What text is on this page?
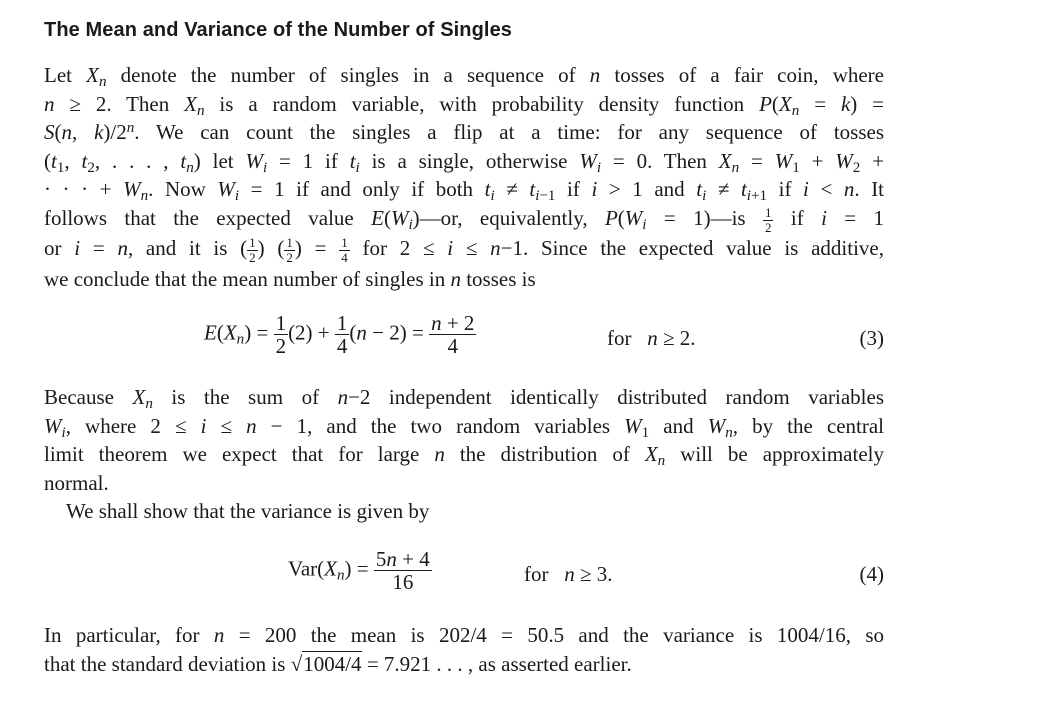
The Mean and Variance of the Number of Singles
Let $X_n$ denote the number of singles in a sequence of n tosses of a fair coin, where
n ≥ 2. Then $X_n$ is a random variable, with probability density function $P(X_n = k)$ =
S(n, k)/2$^n$. We can count the singles a flip at a time: for any sequence of tosses
($t_1$, $t_2$, . . . , $t_n$) let $W_i = 1$ if $t_i$ is a single, otherwise $W_i = 0$. Then $X_n = W_1 + W_2$ +
· · · + $W_n$. Now $W_i = 1$ if and only if both $t_i \ne t_{i-1}$ if i > 1 and $t_i \ne t_{i+1}$ if i < n. It
follows that the expected value $E(W_i)—or$, equivalently, $P(W_i$ = 1)—is $\frac{1}{2}$ if i = 1
or i = n, and it is ( $\frac{1}{2}$ ) ( $\frac{1}{2}$ ) = $\frac{1}{4}$ for 2 ≤ i ≤ n−1. Since the expected value is additive,
we conclude that the mean number of singles in n tosses is
$E(X_n) = \frac{1}{2} (2) + \frac{1}{4} (n - 2) = \frac{n + 2}{4}$	for n ≥ 2.	(3)
Because $X_n$ is the sum of n−2 independent identically distributed random variables
$W_i$, where 2 ≤ i ≤ n − 1, and the two random variables $W_1$ and $W_n$, by the central
limit theorem we expect that for large n the distribution of $X_n$ will be approximately
normal.
We shall show that the variance is given by
$Var(X_n) = \frac{5n + 4}{16}$	for n ≥ 3.	(4)
In particular, for n = 200 the mean is 202/4 = 50.5 and the variance is 1004/16, so
that the standard deviation is √1004/4 = 7.921 . . . , as asserted earlier.
